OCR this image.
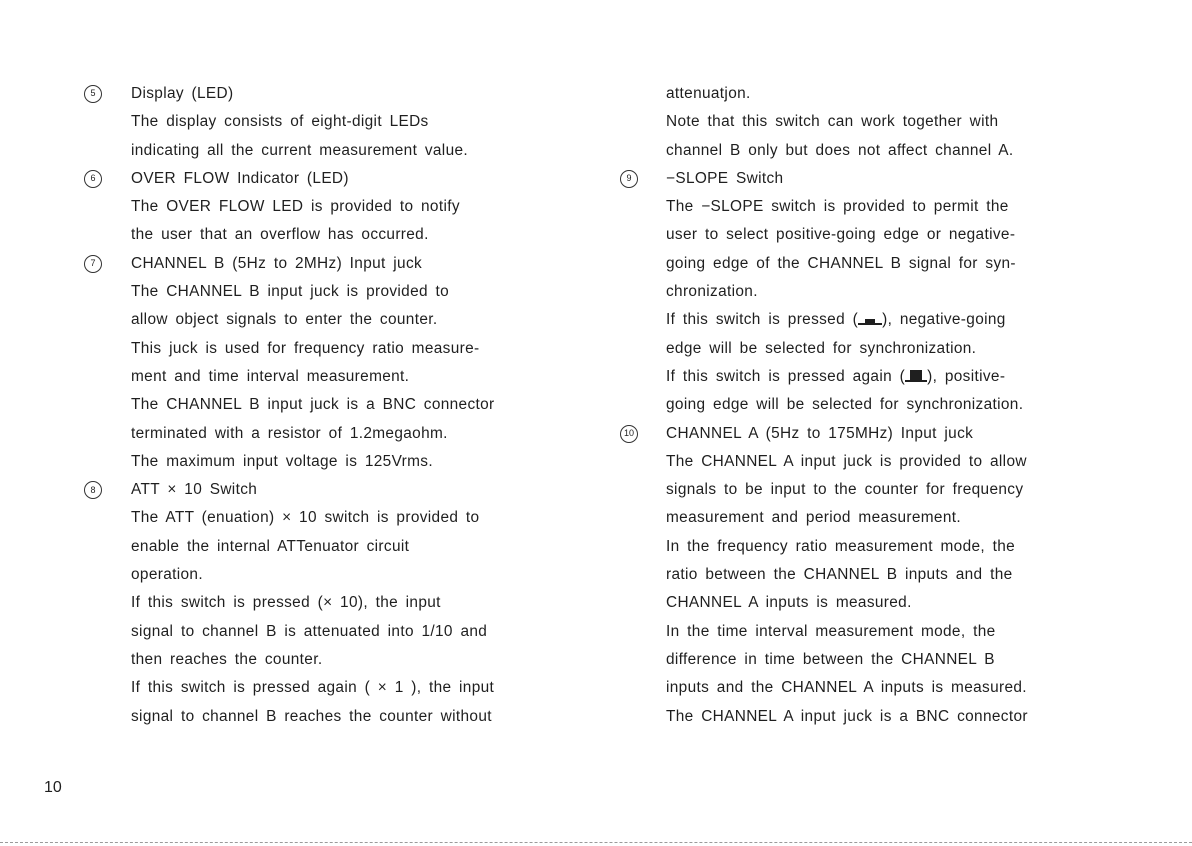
5	Display (LED)
The display consists of eight-digit LEDs
indicating all the current measurement value.
6	OVER FLOW Indicator (LED)
The OVER FLOW LED is provided to notify
the user that an overflow has occurred.
7	CHANNEL B (5Hz to 2MHz) Input juck
The CHANNEL B input juck is provided to
allow object signals to enter the counter.
This juck is used for frequency ratio measure-
ment and time interval measurement.
The CHANNEL B input juck is a BNC connector
terminated with a resistor of 1.2megaohm.
The maximum input voltage is 125Vrms.
8	ATT × 10 Switch
The ATT (enuation) × 10 switch is provided to
enable the internal ATTenuator circuit
operation.
If this switch is pressed (× 10), the input
signal to channel B is attenuated into 1/10 and
then reaches the counter.
If this switch is pressed again ( × 1 ), the input
signal to channel B reaches the counter without
attenuatjon.
Note that this switch can work together with
channel B only but does not affect channel A.
9	−SLOPE Switch
The −SLOPE switch is provided to permit the
user to select positive-going edge or negative-
going edge of the CHANNEL B signal for syn-
chronization.
If this switch is pressed ( ), negative-going
edge will be selected for synchronization.
If this switch is pressed again ( ), positive-
going edge will be selected for synchronization.
10	CHANNEL A (5Hz to 175MHz) Input juck
The CHANNEL A input juck is provided to allow
signals to be input to the counter for frequency
measurement and period measurement.
In the frequency ratio measurement mode, the
ratio between the CHANNEL B inputs and the
CHANNEL A inputs is measured.
In the time interval measurement mode, the
difference in time between the CHANNEL B
inputs and the CHANNEL A inputs is measured.
The CHANNEL A input juck is a BNC connector
10
